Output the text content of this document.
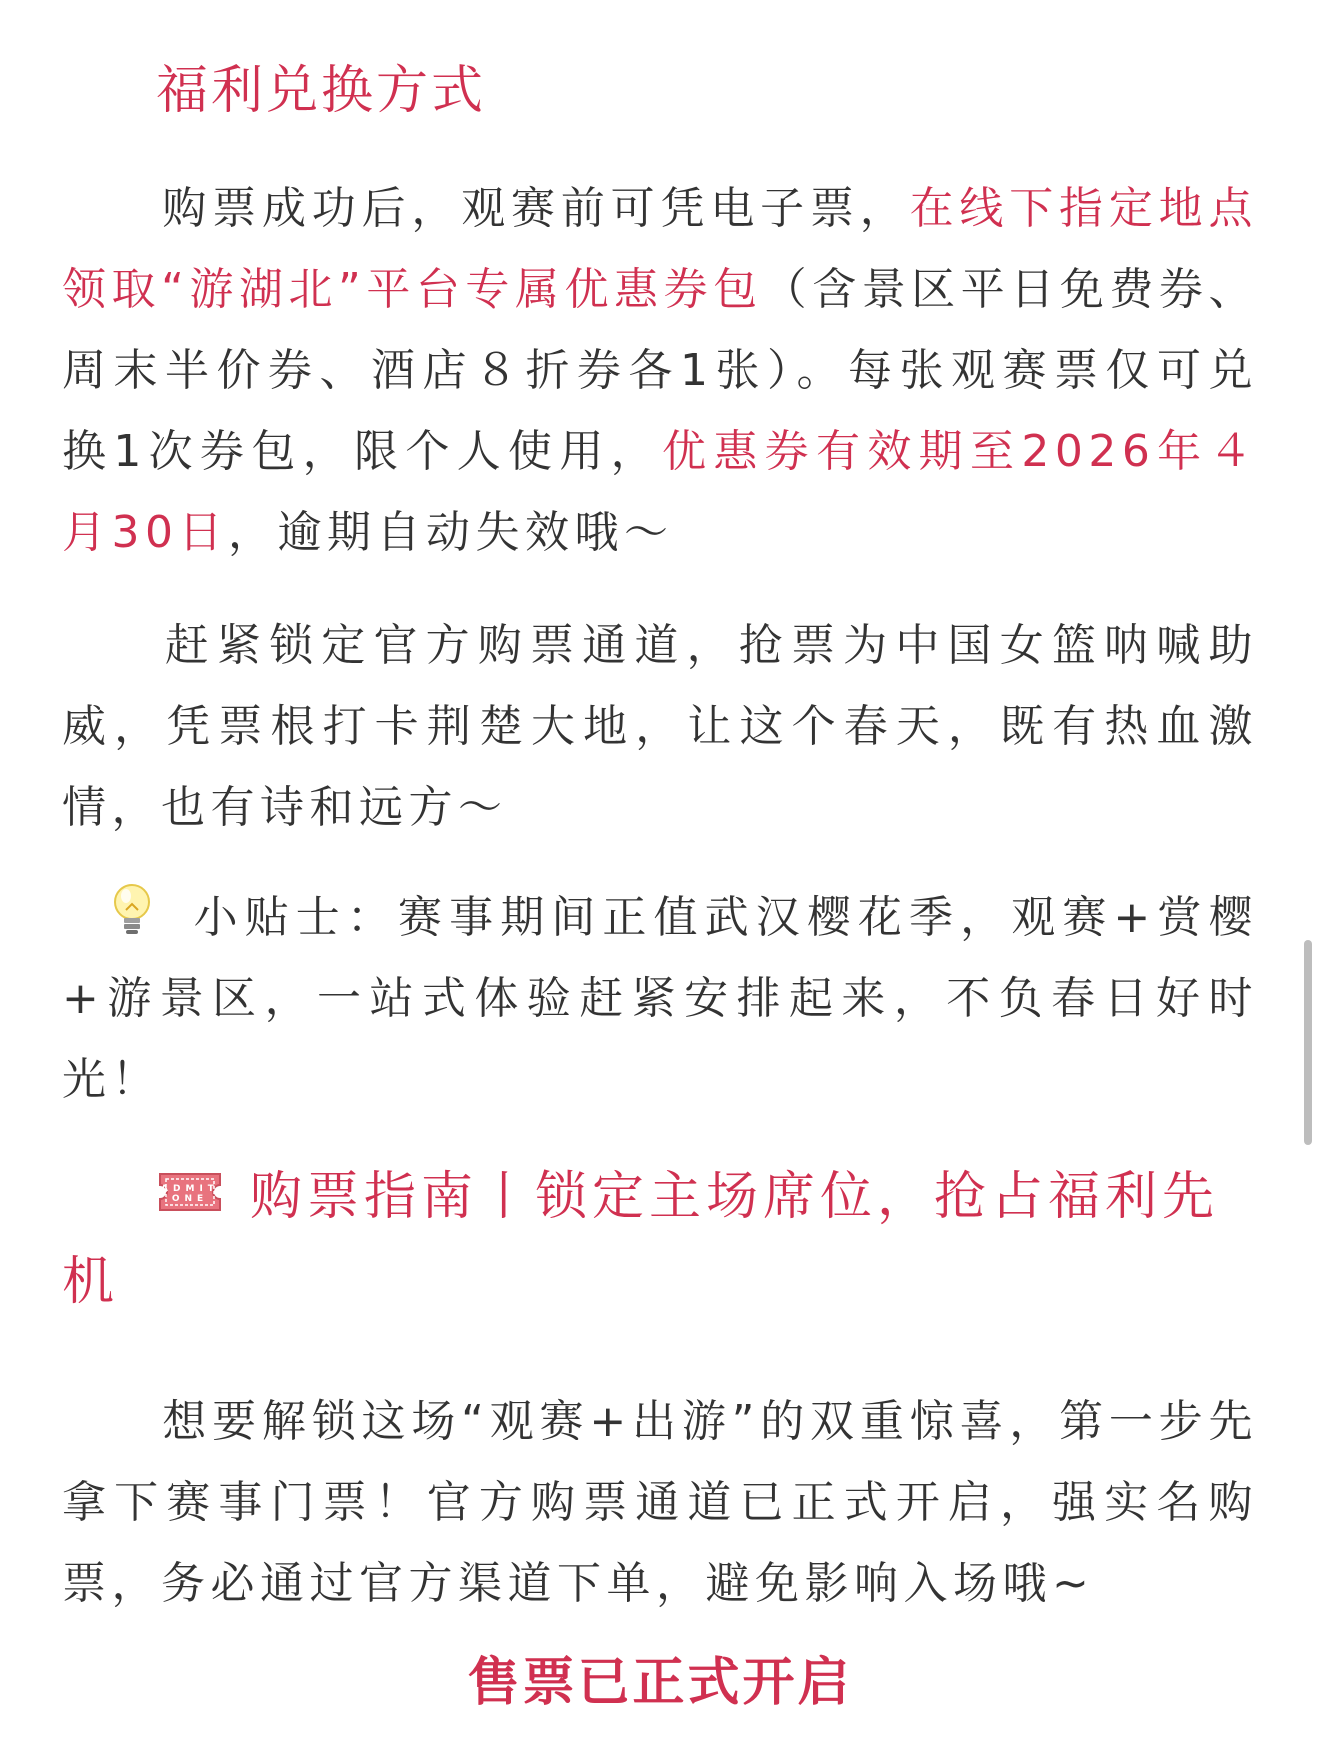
福利兑换方式

购票成功后，观赛前可凭电子票，在线下指定地点领取“游湖北”平台专属优惠券包（含景区平日免费券、周末半价券、酒店８折券各1张）。每张观赛票仅可兑换1次券包，限个人使用，优惠券有效期至2026年４月30日，逾期自动失效哦～

赶紧锁定官方购票通道，抢票为中国女篮呐喊助威，凭票根打卡荆楚大地，让这个春天，既有热血激情，也有诗和远方～

小贴士：赛事期间正值武汉樱花季，观赛+赏樱+游景区，一站式体验赶紧安排起来，不负春日好时光！

ADMIT
ONE 购票指南丨锁定主场席位，抢占福利先机

想要解锁这场“观赛+出游”的双重惊喜，第一步先拿下赛事门票！官方购票通道已正式开启，强实名购票，务必通过官方渠道下单，避免影响入场哦~

售票已正式开启
